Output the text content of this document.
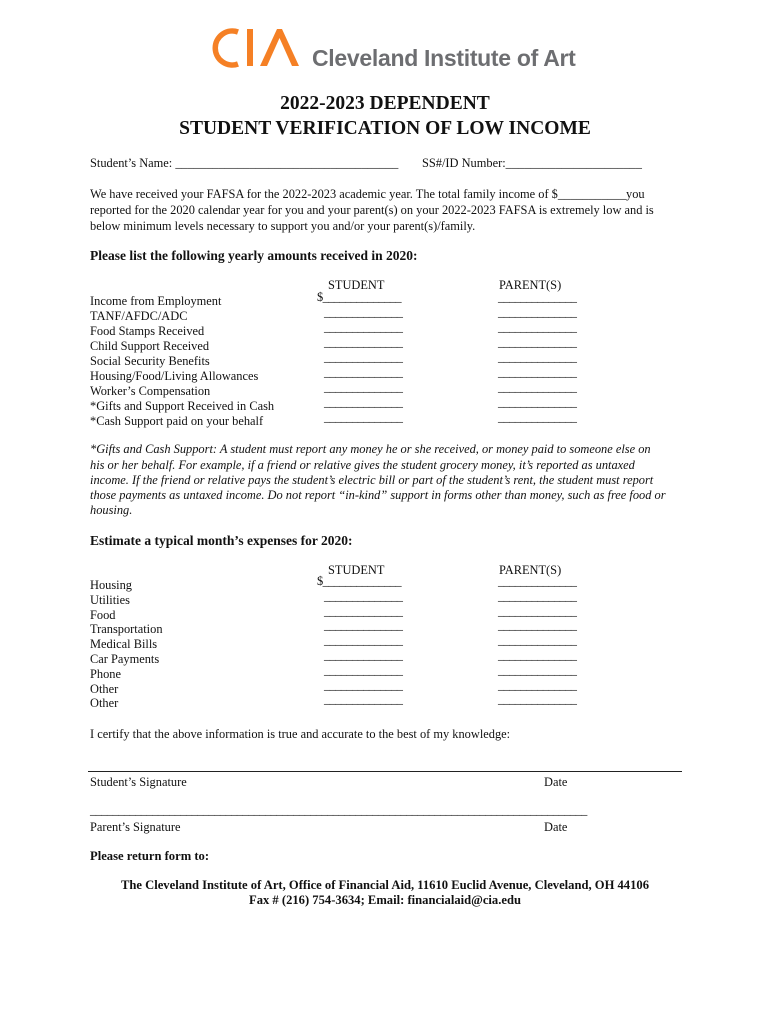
Cleveland Institute of Art
2022-2023 DEPENDENT
STUDENT VERIFICATION OF LOW INCOME
Student’s Name: ____________________________________ SS#/ID Number:______________________
We have received your FAFSA for the 2022-2023 academic year. The total family income of $___________you
reported for the 2020 calendar year for you and your parent(s) on your 2022-2023 FAFSA is extremely low and is
below minimum levels necessary to support you and/or your parent(s)/family.
Please list the following yearly amounts received in 2020:
STUDENT	PARENT(S)
Income from Employment	$______________	______________
TANF/AFDC/ADC	______________	______________
Food Stamps Received	______________	______________
Child Support Received	______________	______________
Social Security Benefits	______________	______________
Housing/Food/Living Allowances	______________	______________
Worker’s Compensation	______________	______________
*Gifts and Support Received in Cash	______________	______________
*Cash Support paid on your behalf	______________	______________
*Gifts and Cash Support: A student must report any money he or she received, or money paid to someone else on
his or her behalf. For example, if a friend or relative gives the student grocery money, it’s reported as untaxed
income. If the friend or relative pays the student’s electric bill or part of the student’s rent, the student must report
those payments as untaxed income. Do not report “in-kind” support in forms other than money, such as free food or
housing.
Estimate a typical month’s expenses for 2020:
STUDENT	PARENT(S)
Housing	$______________	______________
Utilities	______________	______________
Food	______________	______________
Transportation	______________	______________
Medical Bills	______________	______________
Car Payments	______________	______________
Phone	______________	______________
Other	______________	______________
Other	______________	______________
I certify that the above information is true and accurate to the best of my knowledge:
Student’s Signature	Date
________________________________________________________________________________________
Parent’s Signature	Date
Please return form to:
The Cleveland Institute of Art, Office of Financial Aid, 11610 Euclid Avenue, Cleveland, OH 44106
Fax # (216) 754-3634; Email: financialaid@cia.edu
